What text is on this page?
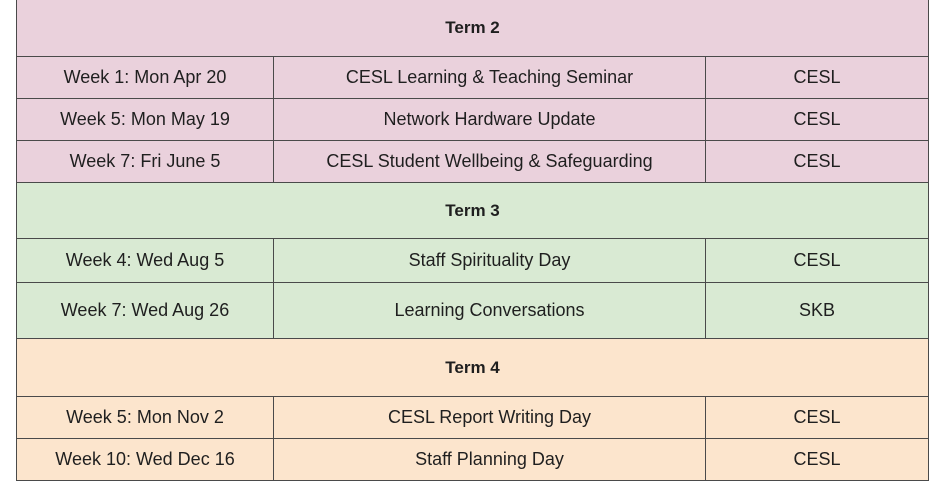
Term 2		
Week 1: Mon Apr 20	CESL Learning & Teaching Seminar	CESL
Week 5: Mon May 19	Network Hardware Update	CESL
Week 7: Fri June 5	CESL Student Wellbeing & Safeguarding	CESL
Term 3		
Week 4: Wed Aug 5	Staff Spirituality Day	CESL
Week 7: Wed Aug 26	Learning Conversations	SKB
Term 4		
Week 5: Mon Nov 2	CESL Report Writing Day	CESL
Week 10: Wed Dec 16	Staff Planning Day	CESL
